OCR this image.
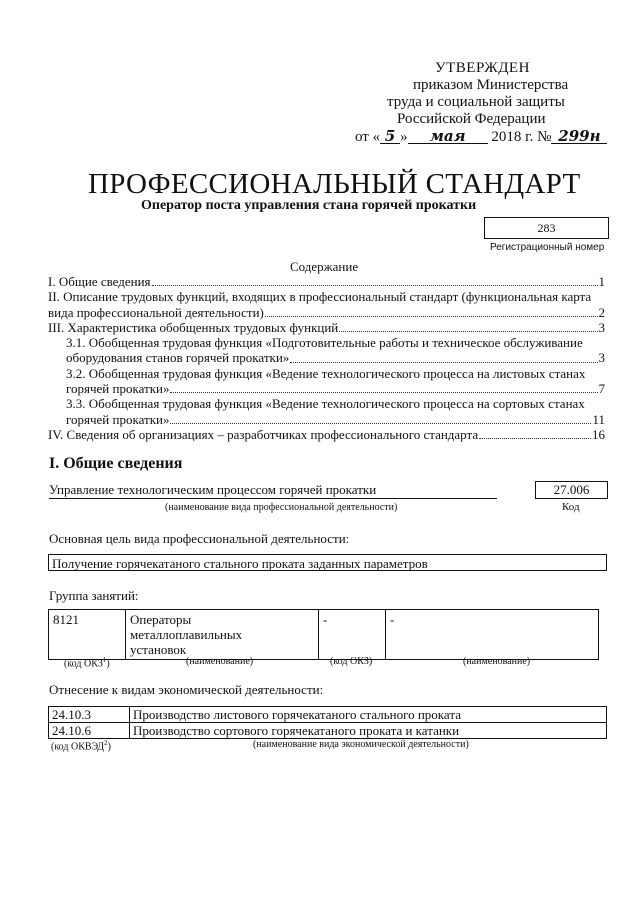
УТВЕРЖДЕН
приказом Министерства
труда и социальной защиты
Российской Федерации
от « 5 » мая 2018 г. № 299н
ПРОФЕССИОНАЛЬНЫЙ СТАНДАРТ
Оператор поста управления стана горячей прокатки
283
Регистрационный номер
Содержание
I. Общие сведения	1
II. Описание трудовых функций, входящих в профессиональный стандарт (функциональная карта
вида профессиональной деятельности)	2
III. Характеристика обобщенных трудовых функций	3
3.1. Обобщенная трудовая функция «Подготовительные работы и техническое обслуживание
оборудования станов горячей прокатки»	3
3.2. Обобщенная трудовая функция «Ведение технологического процесса на листовых станах
горячей прокатки»	7
3.3. Обобщенная трудовая функция «Ведение технологического процесса на сортовых станах
горячей прокатки»	11
IV. Сведения об организациях – разработчиках профессионального стандарта	16
I. Общие сведения
Управление технологическим процессом горячей прокатки
(наименование вида профессиональной деятельности)
27.006
Код
Основная цель вида профессиональной деятельности:
Получение горячекатаного стального проката заданных параметров
Группа занятий:
8121	Операторы
металлоплавильных
установок
	-	-
(код ОКЗ$^1$)	(наименование)	(код ОКЗ)	(наименование)
Отнесение к видам экономической деятельности:
24.10.3	Производство листового горячекатаного стального проката
24.10.6	Производство сортового горячекатаного проката и катанки
(код ОКВЭД$^2$)	(наименование вида экономической деятельности)
